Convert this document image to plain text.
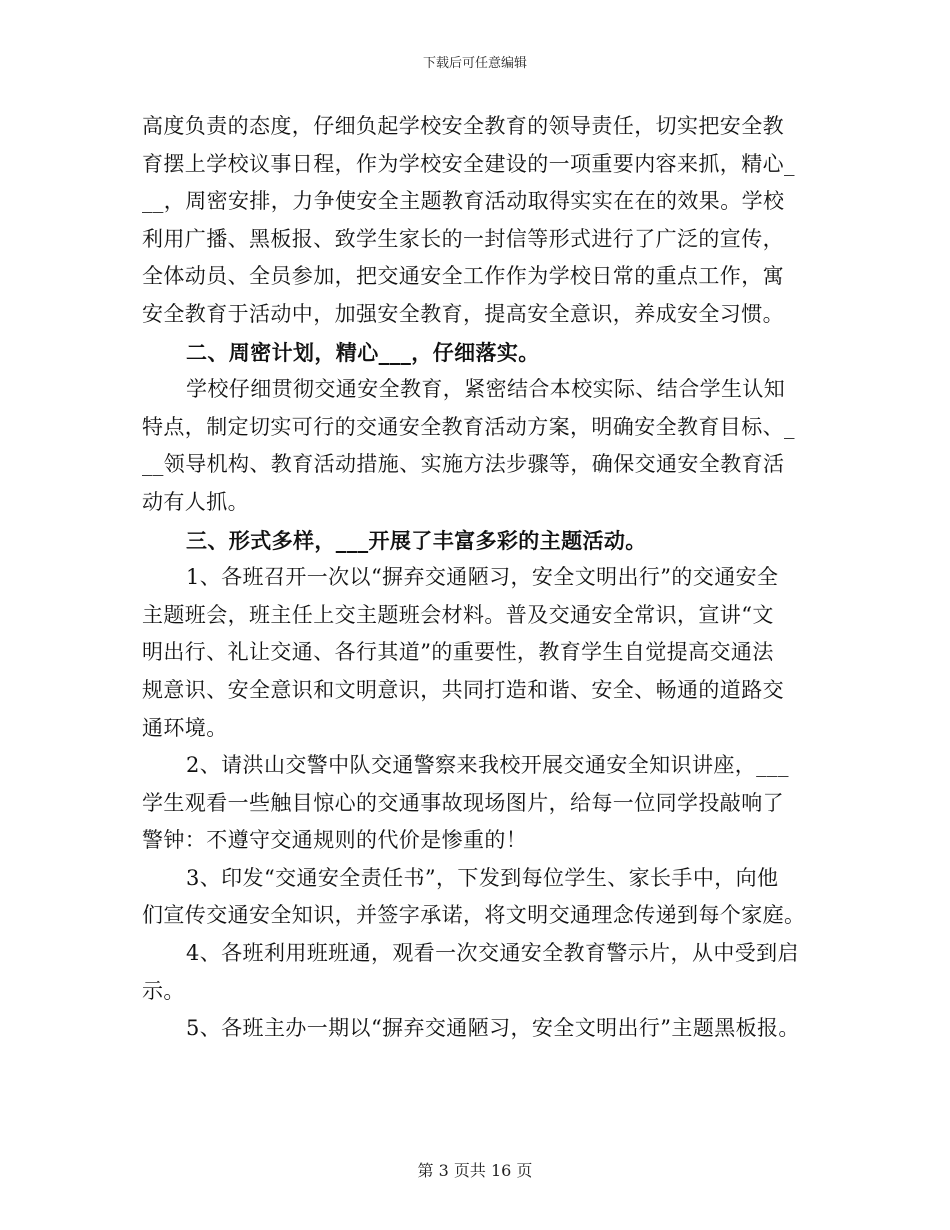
下载后可任意编辑
高度负责的态度，仔细负起学校安全教育的领导责任，切实把安全教
育摆上学校议事日程，作为学校安全建设的一项重要内容来抓，精心_
__，周密安排，力争使安全主题教育活动取得实实在在的效果。学校
利用广播、黑板报、致学生家长的一封信等形式进行了广泛的宣传，
全体动员、全员参加，把交通安全工作作为学校日常的重点工作，寓
安全教育于活动中，加强安全教育，提高安全意识，养成安全习惯。
二、周密计划，精心___，仔细落实。
学校仔细贯彻交通安全教育，紧密结合本校实际、结合学生认知
特点，制定切实可行的交通安全教育活动方案，明确安全教育目标、_
__领导机构、教育活动措施、实施方法步骤等，确保交通安全教育活
动有人抓。
三、形式多样，___开展了丰富多彩的主题活动。
1、各班召开一次以“摒弃交通陋习，安全文明出行”的交通安全
主题班会，班主任上交主题班会材料。普及交通安全常识，宣讲“文
明出行、礼让交通、各行其道”的重要性，教育学生自觉提高交通法
规意识、安全意识和文明意识，共同打造和谐、安全、畅通的道路交
通环境。
2、请洪山交警中队交通警察来我校开展交通安全知识讲座，___
学生观看一些触目惊心的交通事故现场图片，给每一位同学投敲响了
警钟：不遵守交通规则的代价是惨重的！
3、印发“交通安全责任书”，下发到每位学生、家长手中，向他
们宣传交通安全知识，并签字承诺，将文明交通理念传递到每个家庭。
4、各班利用班班通，观看一次交通安全教育警示片，从中受到启
示。
5、各班主办一期以“摒弃交通陋习，安全文明出行”主题黑板报。
第 3 页共 16 页
